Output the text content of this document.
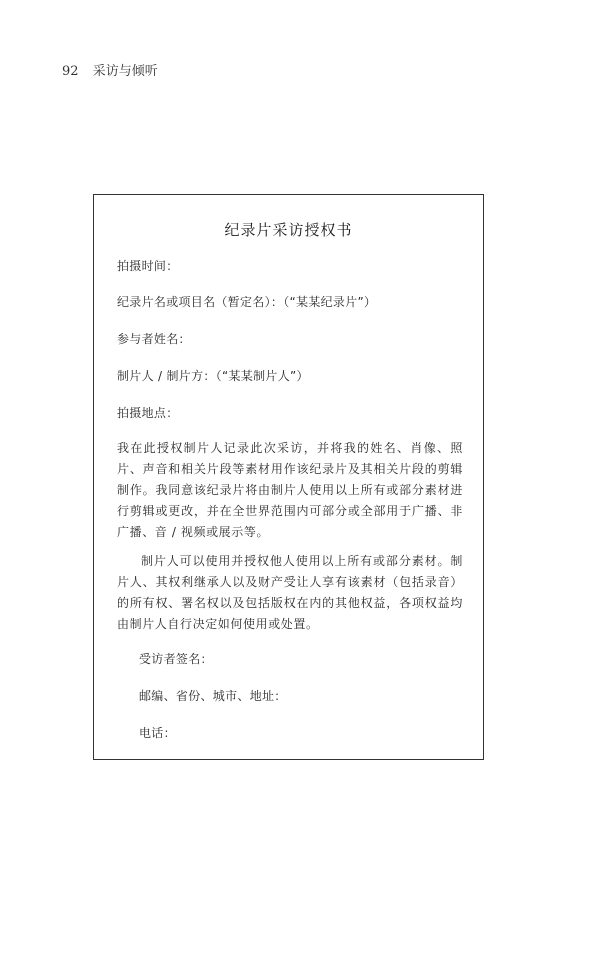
92 采访与倾听
纪录片采访授权书
拍摄时间：
纪录片名或项目名（暂定名）：（“某某纪录片”）
参与者姓名：
制片人 / 制片方：（“某某制片人”）
拍摄地点：
我在此授权制片人记录此次采访，并将我的姓名、肖像、照片、声音和相关片段等素材用作该纪录片及其相关片段的剪辑制作。我同意该纪录片将由制片人使用以上所有或部分素材进行剪辑或更改，并在全世界范围内可部分或全部用于广播、非广播、音 / 视频或展示等。
制片人可以使用并授权他人使用以上所有或部分素材。制片人、其权利继承人以及财产受让人享有该素材（包括录音）的所有权、署名权以及包括版权在内的其他权益，各项权益均由制片人自行决定如何使用或处置。
受访者签名：
邮编、省份、城市、地址：
电话：
